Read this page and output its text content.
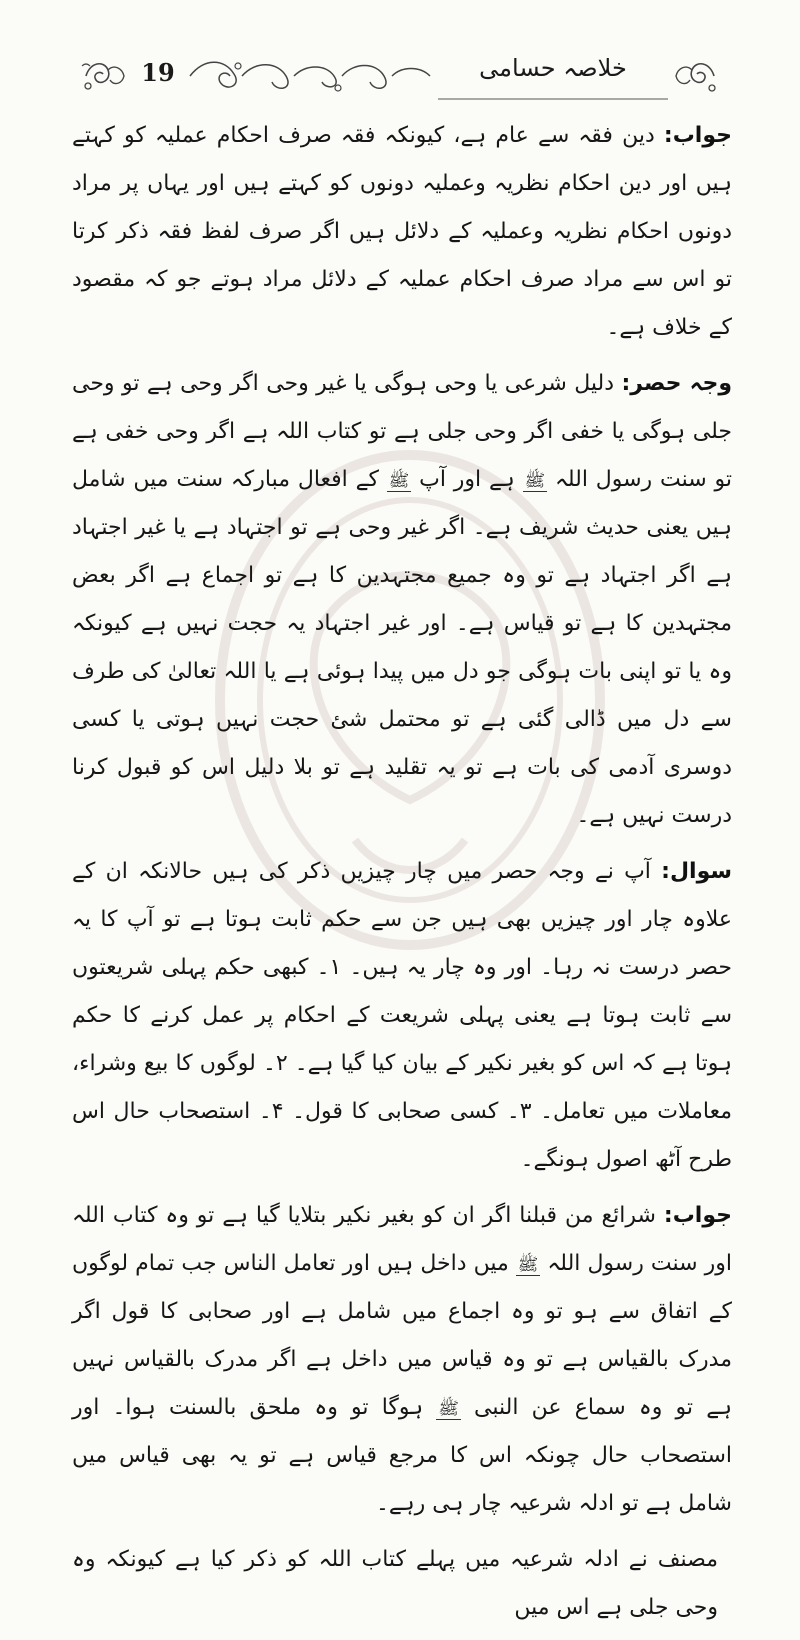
19	خلاصہ حسامی

جواب: دین فقہ سے عام ہے، کیونکہ فقہ صرف احکام عملیہ کو کہتے ہیں اور دین احکام نظریہ وعملیہ دونوں کو کہتے ہیں اور یہاں پر مراد دونوں احکام نظریہ وعملیہ کے دلائل ہیں اگر صرف لفظ فقہ ذکر کرتا تو اس سے مراد صرف احکام عملیہ کے دلائل مراد ہوتے جو کہ مقصود کے خلاف ہے۔

وجہ حصر: دلیل شرعی یا وحی ہوگی یا غیر وحی اگر وحی ہے تو وحی جلی ہوگی یا خفی اگر وحی جلی ہے تو کتاب اللہ ہے اگر وحی خفی ہے تو سنت رسول اللہ ﷺ ہے اور آپ ﷺ کے افعال مبارکہ سنت میں شامل ہیں یعنی حدیث شریف ہے۔ اگر غیر وحی ہے تو اجتہاد ہے یا غیر اجتہاد ہے اگر اجتہاد ہے تو وہ جمیع مجتہدین کا ہے تو اجماع ہے اگر بعض مجتہدین کا ہے تو قیاس ہے۔ اور غیر اجتہاد یہ حجت نہیں ہے کیونکہ وہ یا تو اپنی بات ہوگی جو دل میں پیدا ہوئی ہے یا اللہ تعالیٰ کی طرف سے دل میں ڈالی گئی ہے تو محتمل شئ حجت نہیں ہوتی یا کسی دوسری آدمی کی بات ہے تو یہ تقلید ہے تو بلا دلیل اس کو قبول کرنا درست نہیں ہے۔

سوال: آپ نے وجہ حصر میں چار چیزیں ذکر کی ہیں حالانکہ ان کے علاوہ چار اور چیزیں بھی ہیں جن سے حکم ثابت ہوتا ہے تو آپ کا یہ حصر درست نہ رہا۔ اور وہ چار یہ ہیں۔ ۱۔ کبھی حکم پہلی شریعتوں سے ثابت ہوتا ہے یعنی پہلی شریعت کے احکام پر عمل کرنے کا حکم ہوتا ہے کہ اس کو بغیر نکیر کے بیان کیا گیا ہے۔ ۲۔ لوگوں کا بیع وشراء، معاملات میں تعامل۔ ۳۔ کسی صحابی کا قول۔ ۴۔ استصحاب حال اس طرح آٹھ اصول ہونگے۔

جواب: شرائع من قبلنا اگر ان کو بغیر نکیر بتلایا گیا ہے تو وہ کتاب اللہ اور سنت رسول اللہ ﷺ میں داخل ہیں اور تعامل الناس جب تمام لوگوں کے اتفاق سے ہو تو وہ اجماع میں شامل ہے اور صحابی کا قول اگر مدرک بالقیاس ہے تو وہ قیاس میں داخل ہے اگر مدرک بالقیاس نہیں ہے تو وہ سماع عن النبی ﷺ ہوگا تو وہ ملحق بالسنت ہوا۔ اور استصحاب حال چونکہ اس کا مرجع قیاس ہے تو یہ بھی قیاس میں شامل ہے تو ادلہ شرعیہ چار ہی رہے۔

مصنف نے ادلہ شرعیہ میں پہلے کتاب اللہ کو ذکر کیا ہے کیونکہ وہ وحی جلی ہے اس میں
